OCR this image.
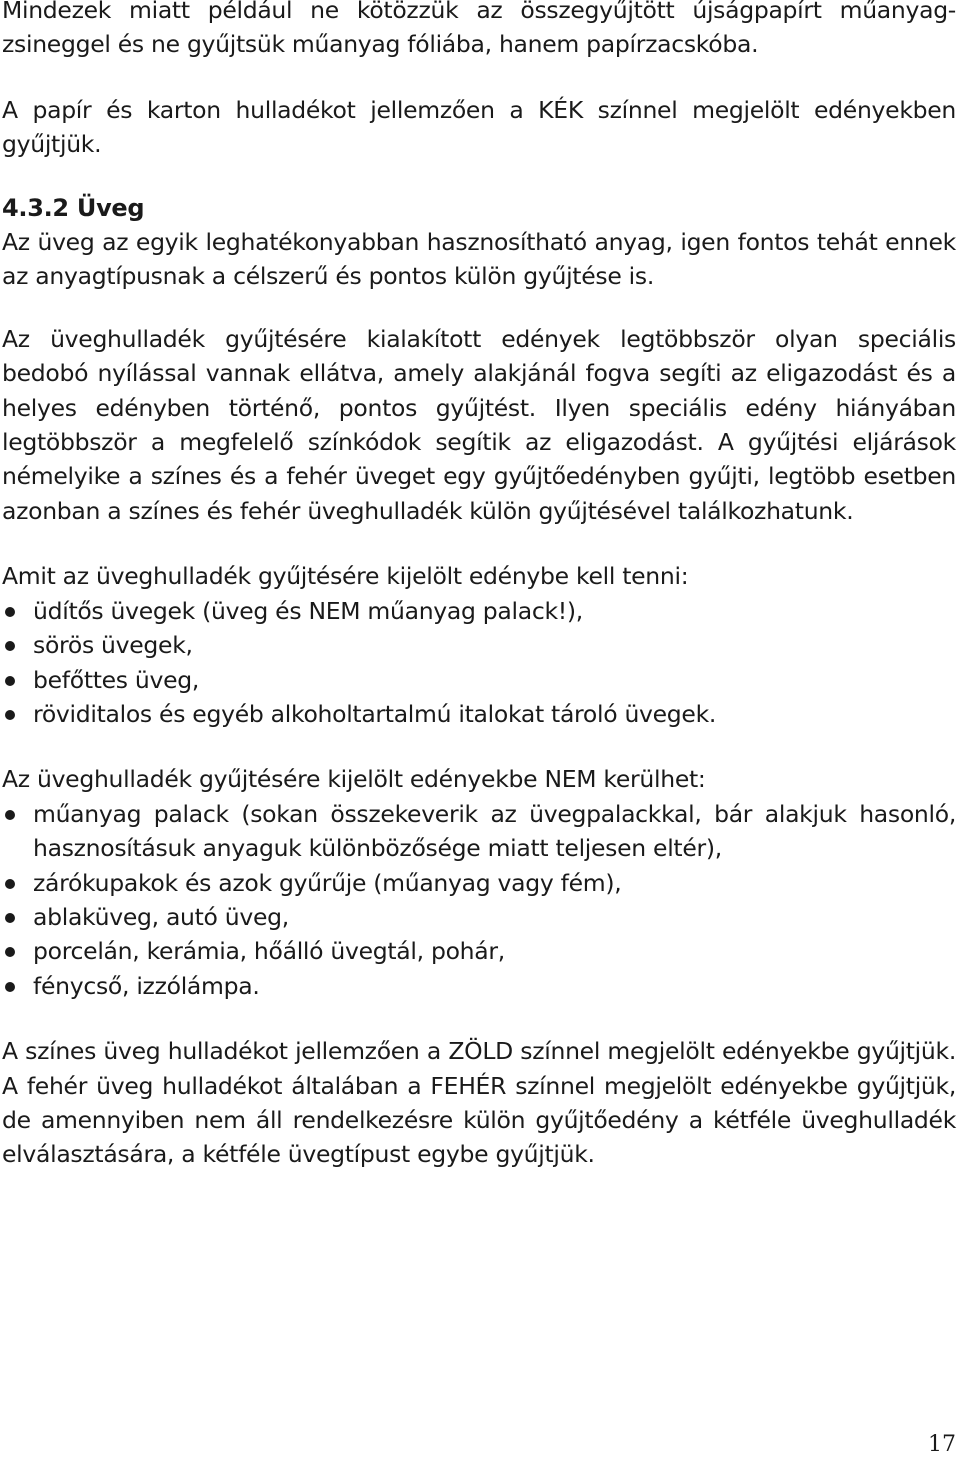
Mindezek miatt például ne kötözzük az összegyűjtött újságpapírt műanyag-zsineggel és ne gyűjtsük műanyag fóliába, hanem papírzacskóba.

A papír és karton hulladékot jellemzően a KÉK színnel megjelölt edényekben gyűjtjük.

4.3.2 Üveg

Az üveg az egyik leghatékonyabban hasznosítható anyag, igen fontos tehát ennek az anyagtípusnak a célszerű és pontos külön gyűjtése is.

Az üveghulladék gyűjtésére kialakított edények legtöbbször olyan speciális bedobó nyílással vannak ellátva, amely alakjánál fogva segíti az eligazodást és a helyes edényben történő, pontos gyűjtést. Ilyen speciális edény hiányában legtöbbször a megfelelő színkódok segítik az eligazodást. A gyűjtési eljárások némelyike a színes és a fehér üveget egy gyűjtőedényben gyűjti, legtöbb esetben azonban a színes és fehér üveghulladék külön gyűjtésével találkozhatunk.

Amit az üveghulladék gyűjtésére kijelölt edénybe kell tenni:

üdítős üvegek (üveg és NEM műanyag palack!),
sörös üvegek,
befőttes üveg,
röviditalos és egyéb alkoholtartalmú italokat tároló üvegek.

Az üveghulladék gyűjtésére kijelölt edényekbe NEM kerülhet:

műanyag palack (sokan összekeverik az üvegpalackkal, bár alakjuk hasonló, hasznosításuk anyaguk különbözősége miatt teljesen eltér),
zárókupakok és azok gyűrűje (műanyag vagy fém),
ablaküveg, autó üveg,
porcelán, kerámia, hőálló üvegtál, pohár,
fénycső, izzólámpa.

A színes üveg hulladékot jellemzően a ZÖLD színnel megjelölt edényekbe gyűjtjük. A fehér üveg hulladékot általában a FEHÉR színnel megjelölt edényekbe gyűjtjük, de amennyiben nem áll rendelkezésre külön gyűjtőedény a kétféle üveghulladék elválasztására, a kétféle üvegtípust egybe gyűjtjük.

17
